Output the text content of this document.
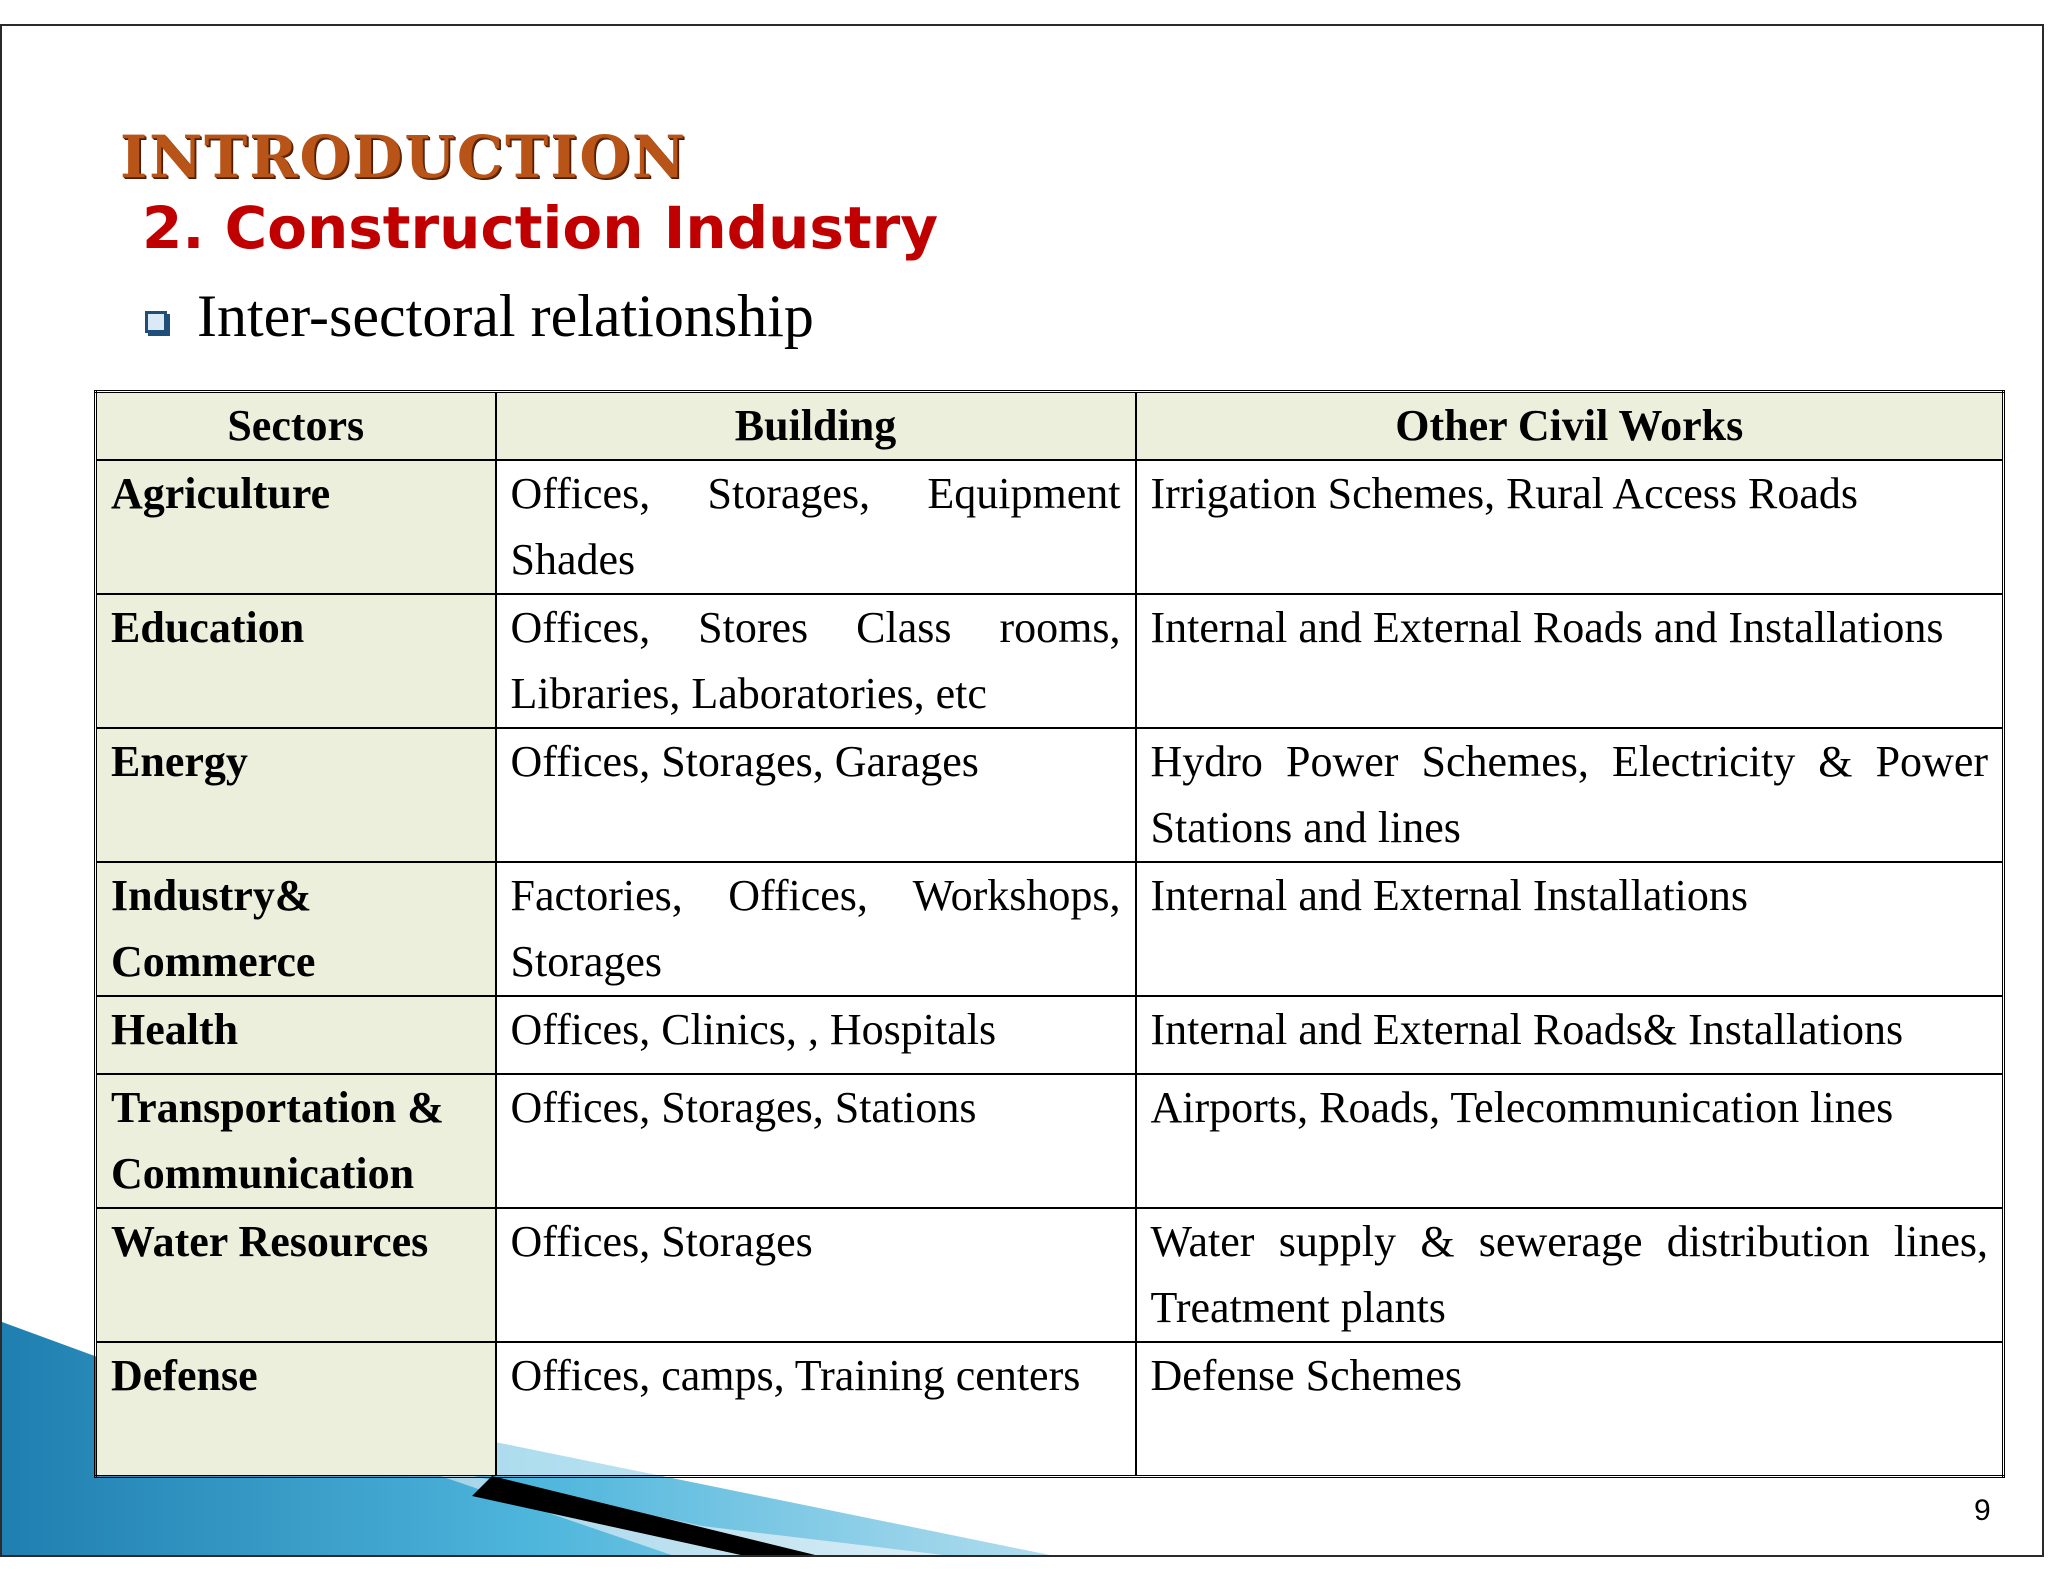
INTRODUCTION
2. Construction Industry
Inter-sectoral relationship
Sectors	Building	Other Civil Works
Agriculture	Offices, Storages, Equipment Shades	Irrigation Schemes, Rural Access Roads
Education	Offices, Stores Class rooms, Libraries, Laboratories, etc	Internal and External Roads and Installations
Energy	Offices, Storages, Garages	Hydro Power Schemes, Electricity & Power Stations and lines
Industry& Commerce	Factories, Offices, Workshops, Storages	Internal and External Installations
Health	Offices, Clinics, , Hospitals	Internal and External Roads& Installations
Transportation & Communication	Offices, Storages, Stations	Airports, Roads, Telecommunication lines
Water Resources	Offices, Storages	Water supply & sewerage distribution lines, Treatment plants
Defense	Offices, camps, Training centers	Defense Schemes
9
